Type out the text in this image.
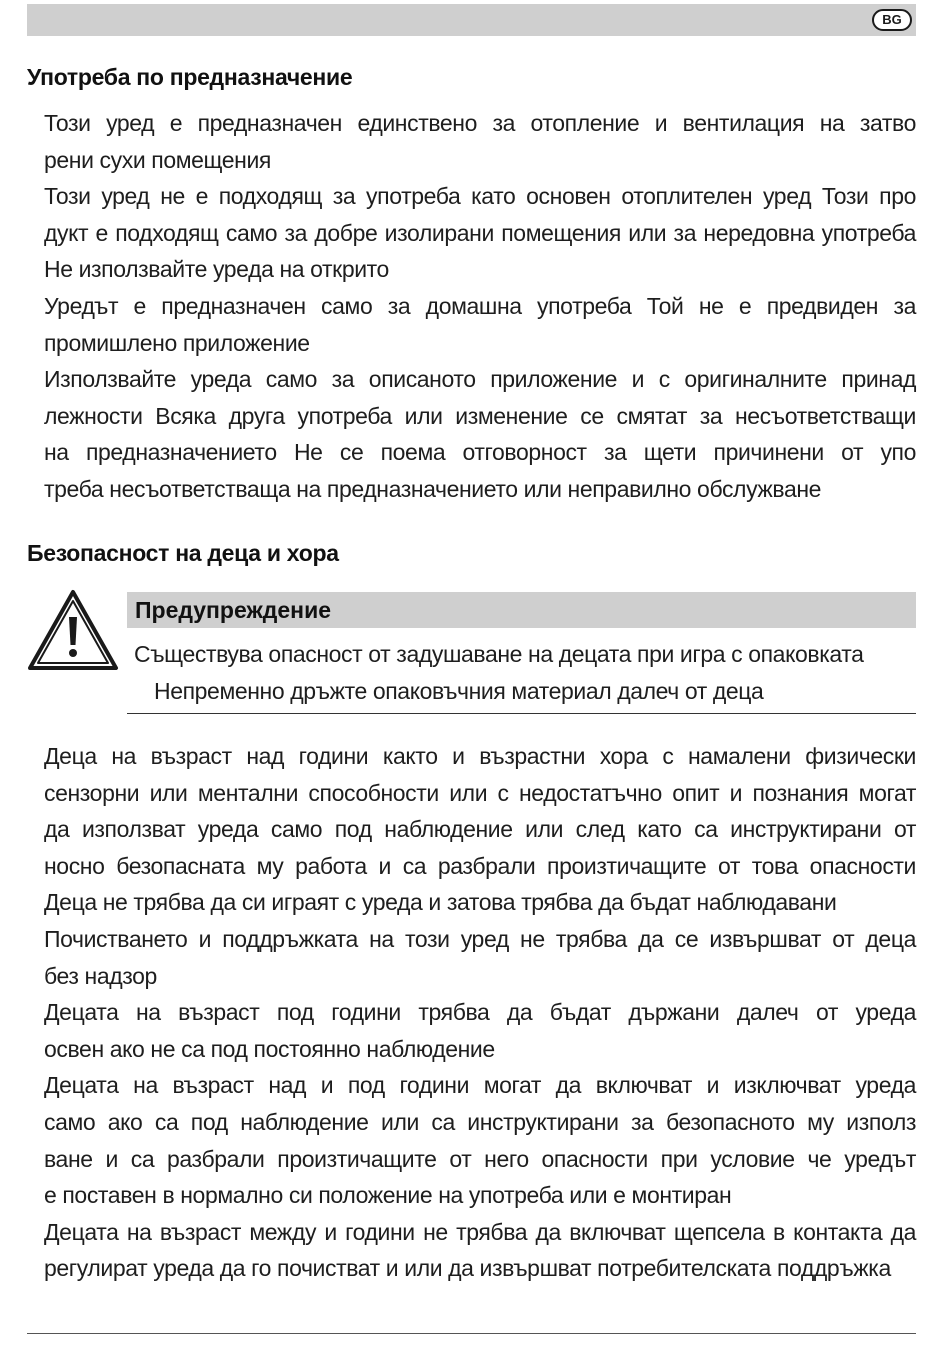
BG
Употреба по предназначение
Този уред е предназначен единствено за отопление и вентилация на затво
рени сухи помещения
Този уред не е подходящ за употреба като основен отоплителен уред Този про
дукт е подходящ само за добре изолирани помещения или за нередовна употреба
Не използвайте уреда на открито
Уредът е предназначен само за домашна употреба Той не е предвиден за
промишлено приложение
Използвайте уреда само за описаното приложение и с оригиналните принад
лежности Всяка друга употреба или изменение се смятат за несъответстващи
на предназначението Не се поема отговорност за щети причинени от упо
треба несъответстваща на предназначението или неправилно обслужване
Безопасност на деца и хора
Предупреждение
Съществува опасност от задушаване на децата при игра с опаковката
Непременно дръжте опаковъчния материал далеч от деца
Деца на възраст над години както и възрастни хора с намалени физически
сензорни или ментални способности или с недостатъчно опит и познания могат
да използват уреда само под наблюдение или след като са инструктирани от
носно безопасната му работа и са разбрали произтичащите от това опасности
Деца не трябва да си играят с уреда и затова трябва да бъдат наблюдавани
Почистването и поддръжката на този уред не трябва да се извършват от деца
без надзор
Децата на възраст под години трябва да бъдат държани далеч от уреда
освен ако не са под постоянно наблюдение
Децата на възраст над и под години могат да включват и изключват уреда
само ако са под наблюдение или са инструктирани за безопасното му използ
ване и са разбрали произтичащите от него опасности при условие че уредът
е поставен в нормално си положение на употреба или е монтиран
Децата на възраст между и години не трябва да включват щепсела в контакта да
регулират уреда да го почистват и или да извършват потребителската поддръжка
